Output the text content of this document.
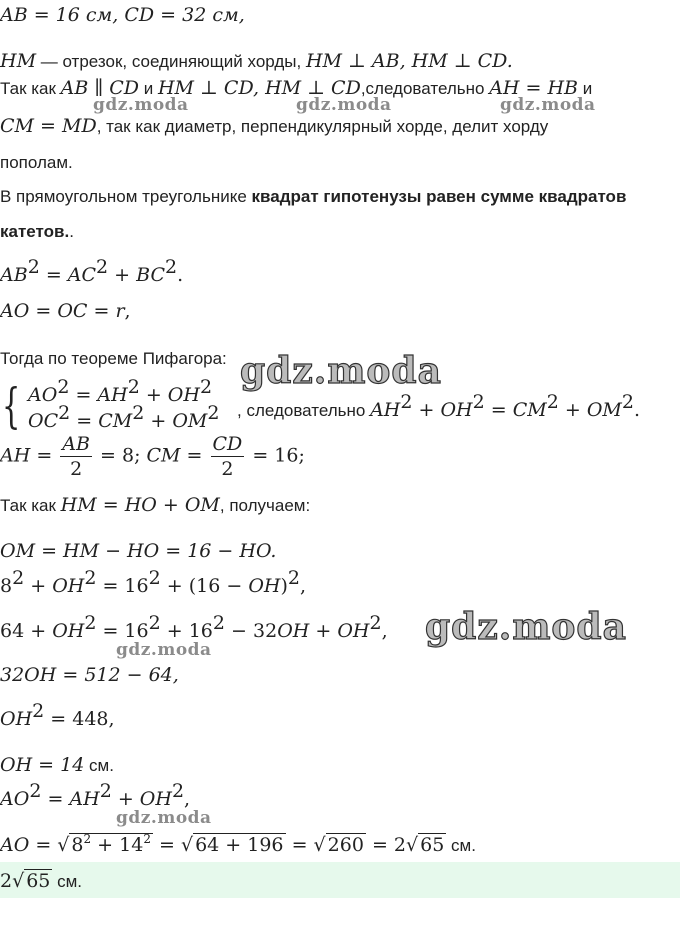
AB = 16 см, CD = 32 см,
HM — отрезок, соединяющий хорды, HM ⊥ AB, HM ⊥ CD.
Так как AB ∥ CD и HM ⊥ CD, HM ⊥ CD,следовательно AH = HB и
CM = MD, так как диаметр, перпендикулярный хорде, делит хорду
пополам.
В прямоугольном треугольнике квадрат гипотенузы равен сумме квадратов
катетов..
$AB^2 = AC^2 + BC^2$.
AO = OC = r,
Тогда по теореме Пифагора:
{ $AO^2 = AH^2 + OH^2$
$OC^2 = CM^2 + OM^2$ , следовательно $AH^2 + OH^2 = CM^2 + OM^2$.
AH = $\frac{AB}{2} = 8$; CM = $\frac{CD}{2} = 16$;
Так как HM = HO + OM, получаем:
OM = HM − HO = 16 − HO.
$8^2 + OH^2 = 16^2 + (16 - OH)^2$,
$64 + OH^2 = 16^2 + 16^2 - 32OH + OH^2$,
32OH = 512 − 64,
$OH^2 = 448$,
OH = 14 см.
$AO^2 = AH^2 + OH^2$,
AO = √ $8^2 + 14^2$ = √ 64 + 196 = √ 260 = 2√ 65 см.
2√ 65 см.
gdz.moda	gdz.moda	gdz.moda
gdz.moda
gdz.moda
gdz.moda
gdz.moda
